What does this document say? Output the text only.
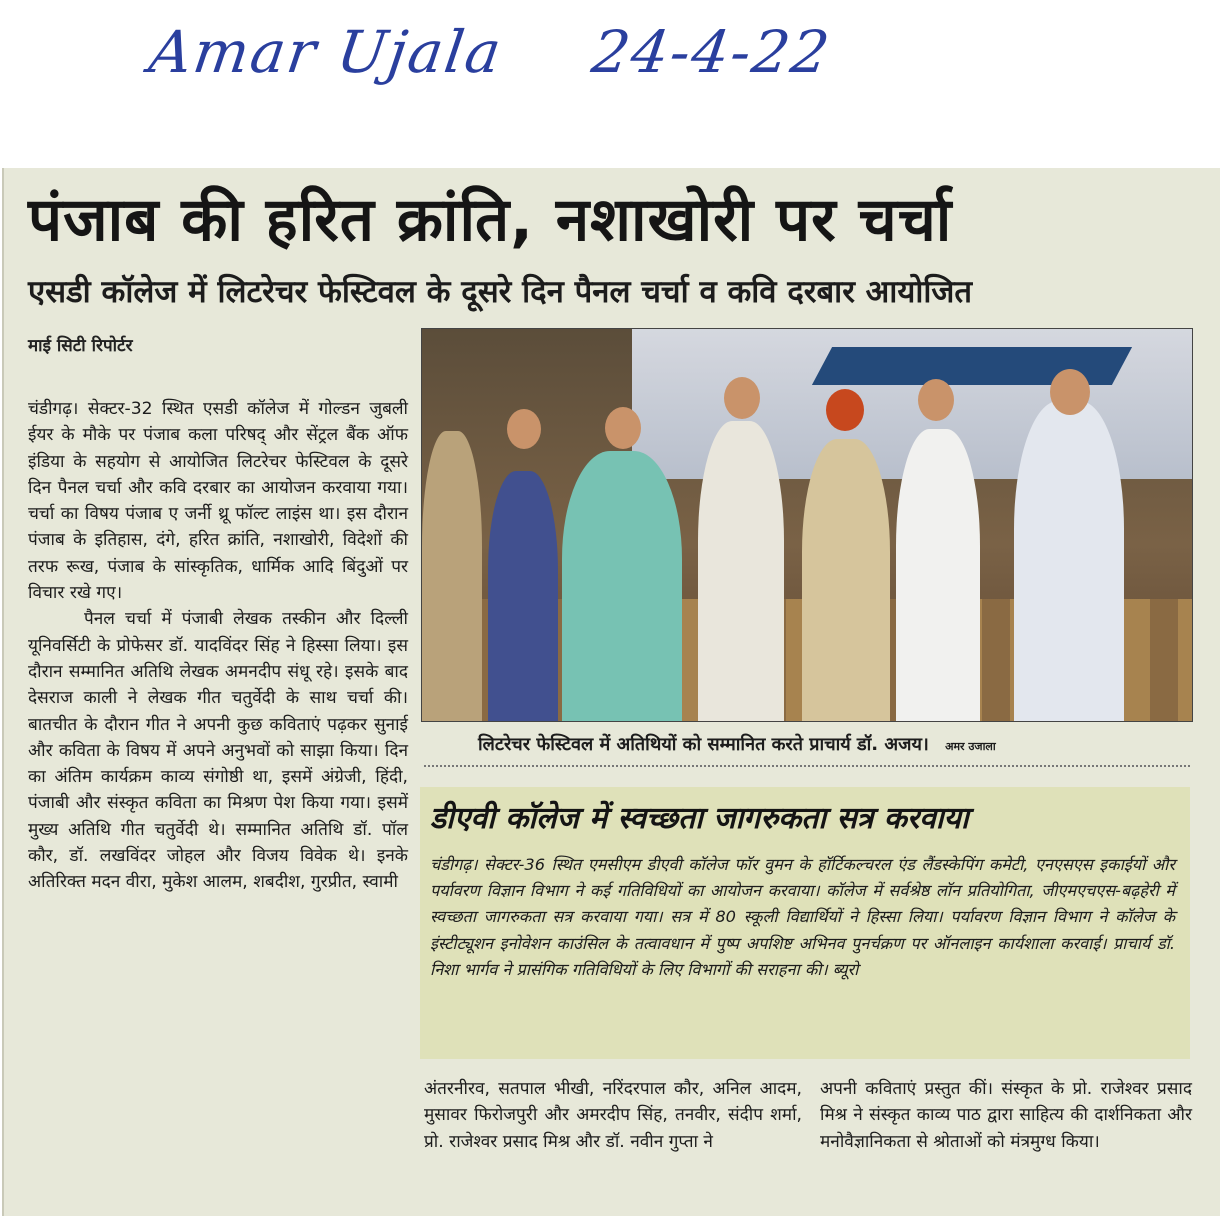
Amar Ujala 24-4-22
पंजाब की हरित क्रांति, नशाखोरी पर चर्चा
एसडी कॉलेज में लिटरेचर फेस्टिवल के दूसरे दिन पैनल चर्चा व कवि दरबार आयोजित
माई सिटी रिपोर्टर

चंडीगढ़। सेक्टर-32 स्थित एसडी कॉलेज में गोल्डन जुबली ईयर के मौके पर पंजाब कला परिषद् और सेंट्रल बैंक ऑफ इंडिया के सहयोग से आयोजित लिटरेचर फेस्टिवल के दूसरे दिन पैनल चर्चा और कवि दरबार का आयोजन करवाया गया। चर्चा का विषय पंजाब ए जर्नी थ्रू फॉल्ट लाइंस था। इस दौरान पंजाब के इतिहास, दंगे, हरित क्रांति, नशाखोरी, विदेशों की तरफ रूख, पंजाब के सांस्कृतिक, धार्मिक आदि बिंदुओं पर विचार रखे गए।

पैनल चर्चा में पंजाबी लेखक तस्कीन और दिल्ली यूनिवर्सिटी के प्रोफेसर डॉ. यादविंदर सिंह ने हिस्सा लिया। इस दौरान सम्मानित अतिथि लेखक अमनदीप संधू रहे। इसके बाद देसराज काली ने लेखक गीत चतुर्वेदी के साथ चर्चा की। बातचीत के दौरान गीत ने अपनी कुछ कविताएं पढ़कर सुनाई और कविता के विषय में अपने अनुभवों को साझा किया। दिन का अंतिम कार्यक्रम काव्य संगोष्ठी था, इसमें अंग्रेजी, हिंदी, पंजाबी और संस्कृत कविता का मिश्रण पेश किया गया। इसमें मुख्य अतिथि गीत चतुर्वेदी थे। सम्मानित अतिथि डॉ. पॉल कौर, डॉ. लखविंदर जोहल और विजय विवेक थे। इनके अतिरिक्त मदन वीरा, मुकेश आलम, शबदीश, गुरप्रीत, स्वामी

लिटरेचर फेस्टिवल में अतिथियों को सम्मानित करते प्राचार्य डॉ. अजय। अमर उजाला
डीएवी कॉलेज में स्वच्छता जागरुकता सत्र करवाया

चंडीगढ़। सेक्टर-36 स्थित एमसीएम डीएवी कॉलेज फॉर वुमन के हॉर्टिकल्चरल एंड लैंडस्केपिंग कमेटी, एनएसएस इकाईयों और पर्यावरण विज्ञान विभाग ने कई गतिविधियों का आयोजन करवाया। कॉलेज में सर्वश्रेष्ठ लॉन प्रतियोगिता, जीएमएचएस-बढ़हेरी में स्वच्छता जागरुकता सत्र करवाया गया। सत्र में 80 स्कूली विद्यार्थियों ने हिस्सा लिया। पर्यावरण विज्ञान विभाग ने कॉलेज के इंस्टीट्यूशन इनोवेशन काउंसिल के तत्वावधान में पुष्प अपशिष्ट अभिनव पुनर्चक्रण पर ऑनलाइन कार्यशाला करवाई। प्राचार्य डॉ. निशा भार्गव ने प्रासंगिक गतिविधियों के लिए विभागों की सराहना की। ब्यूरो

अंतरनीरव, सतपाल भीखी, नरिंदरपाल कौर, अनिल आदम, मुसावर फिरोजपुरी और अमरदीप सिंह, तनवीर, संदीप शर्मा, प्रो. राजेश्वर प्रसाद मिश्र और डॉ. नवीन गुप्ता ने

अपनी कविताएं प्रस्तुत कीं। संस्कृत के प्रो. राजेश्वर प्रसाद मिश्र ने संस्कृत काव्य पाठ द्वारा साहित्य की दार्शनिकता और मनोवैज्ञानिकता से श्रोताओं को मंत्रमुग्ध किया।
